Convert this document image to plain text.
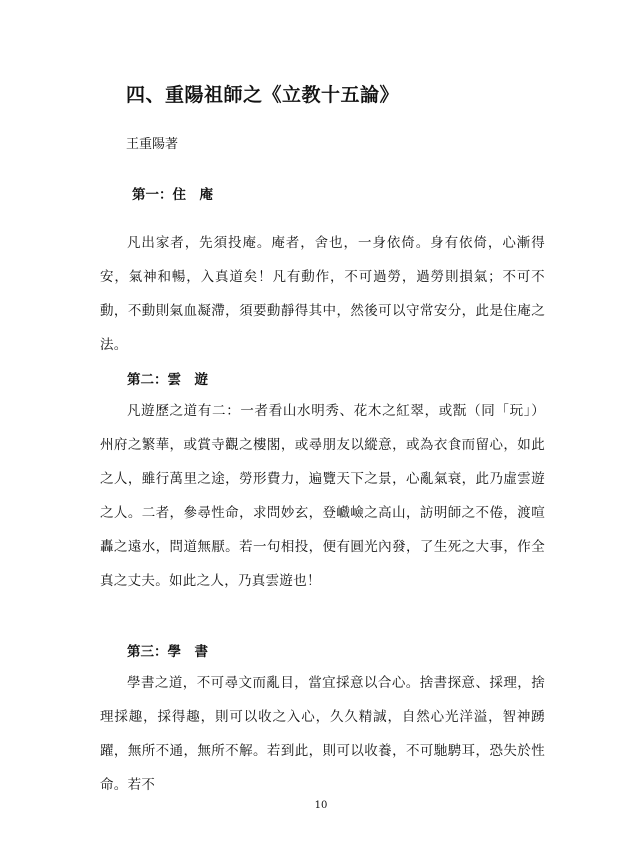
四、重陽祖師之《立教十五論》
王重陽著
第一：住　庵
凡出家者，先須投庵。庵者，舍也，一身依倚。身有依倚，心漸得安，氣神和暢，入真道矣！凡有動作，不可過勞，過勞則損氣；不可不動，不動則氣血凝滯，須要動靜得其中，然後可以守常安分，此是住庵之法。
第二：雲　遊
凡遊歷之道有二：一者看山水明秀、花木之紅翠，或翫（同「玩」）州府之繁華，或賞寺觀之樓閣，或尋朋友以縱意，或為衣食而留心，如此之人，雖行萬里之途，勞形費力，遍覽天下之景，心亂氣衰，此乃虛雲遊之人。二者，參尋性命，求問妙玄，登巇嶮之高山，訪明師之不倦，渡喧轟之遠水，問道無厭。若一句相投，便有圓光內發，了生死之大事，作全真之丈夫。如此之人，乃真雲遊也！
第三：學　書
學書之道，不可尋文而亂目，當宜採意以合心。捨書探意、採理，捨理採趣，採得趣，則可以收之入心，久久精誠，自然心光洋溢，智神踴躍，無所不通，無所不解。若到此，則可以收養，不可馳騁耳，恐失於性命。若不
10
